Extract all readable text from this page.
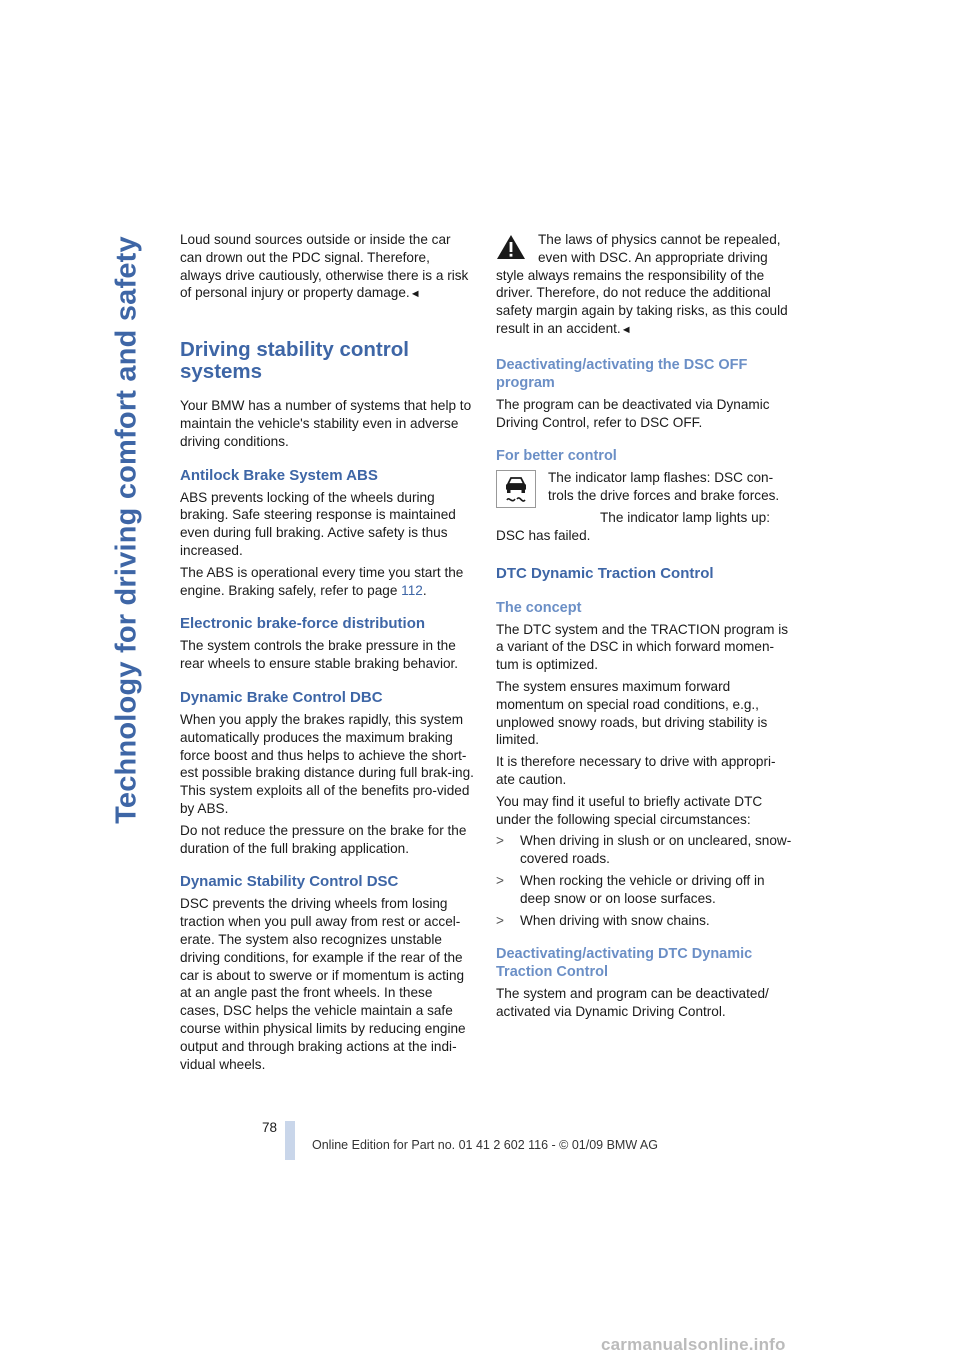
Technology for driving comfort and safety	Loud sound sources outside or inside the car can drown out the PDC signal. Therefore, always drive cautiously, otherwise there is a risk of personal injury or property damage.◄

Driving stability control systems

Your BMW has a number of systems that help to maintain the vehicle's stability even in adverse driving conditions.

Antilock Brake System ABS

ABS prevents locking of the wheels during braking. Safe steering response is maintained even during full braking. Active safety is thus increased.

The ABS is operational every time you start the engine. Braking safely, refer to page 112.

Electronic brake-force distribution

The system controls the brake pressure in the rear wheels to ensure stable braking behavior.

Dynamic Brake Control DBC

When you apply the brakes rapidly, this system automatically produces the maximum braking force boost and thus helps to achieve the short-est possible braking distance during full brak-ing. This system exploits all of the benefits pro-vided by ABS.

Do not reduce the pressure on the brake for the duration of the full braking application.

Dynamic Stability Control DSC

DSC prevents the driving wheels from losing traction when you pull away from rest or accel-erate. The system also recognizes unstable driving conditions, for example if the rear of the car is about to swerve or if momentum is acting at an angle past the front wheels. In these cases, DSC helps the vehicle maintain a safe course within physical limits by reducing engine output and through braking actions at the indi-vidual wheels.

The laws of physics cannot be repealed, even with DSC. An appropriate driving style always remains the responsibility of the driver. Therefore, do not reduce the additional safety margin again by taking risks, as this could result in an accident.◄

Deactivating/activating the DSC OFF program

The program can be deactivated via Dynamic Driving Control, refer to DSC OFF.

For better control

The indicator lamp flashes: DSC con-trols the drive forces and brake forces.

The indicator lamp lights up: DSC has failed.

DTC Dynamic Traction Control
The concept

The DTC system and the TRACTION program is a variant of the DSC in which forward momen-tum is optimized.

The system ensures maximum forward momentum on special road conditions, e.g., unplowed snowy roads, but driving stability is limited.

It is therefore necessary to drive with appropri-ate caution.

You may find it useful to briefly activate DTC under the following special circumstances:

>	When driving in slush or on uncleared, snow-covered roads.
>	When rocking the vehicle or driving off in deep snow or on loose surfaces.
>	When driving with snow chains.
Deactivating/activating DTC Dynamic Traction Control

The system and program can be deactivated/ activated via Dynamic Driving Control.

78
Online Edition for Part no. 01 41 2 602 116 - © 01/09 BMW AG
carmanualsonline.info
